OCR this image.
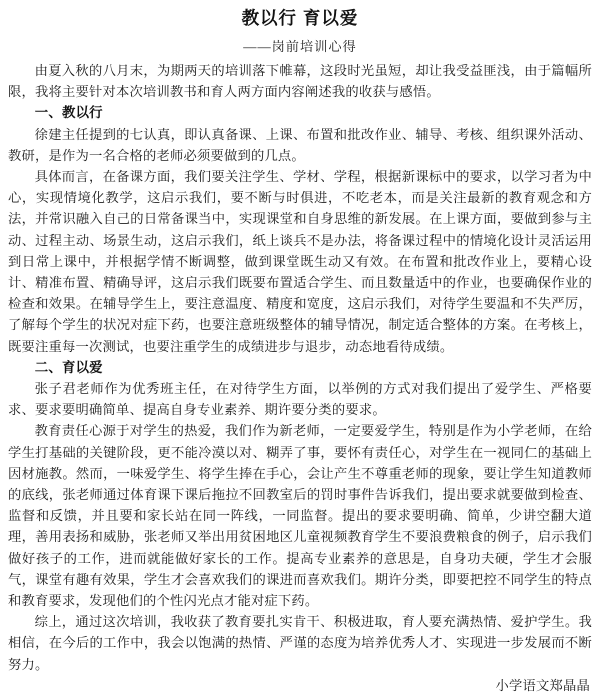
教以行 育以爱

——岗前培训心得

由夏入秋的八月末，为期两天的培训落下帷幕，这段时光虽短，却让我受益匪浅，由于篇幅所限，我将主要针对本次培训教书和育人两方面内容阐述我的收获与感悟。

一、教以行

徐建主任提到的七认真，即认真备课、上课、布置和批改作业、辅导、考核、组织课外活动、教研，是作为一名合格的老师必须要做到的几点。

具体而言，在备课方面，我们要关注学生、学材、学程，根据新课标中的要求，以学习者为中心，实现情境化教学，这启示我们，要不断与时俱进，不吃老本，而是关注最新的教育观念和方法，并常识融入自己的日常备课当中，实现课堂和自身思维的新发展。在上课方面，要做到参与主动、过程主动、场景生动，这启示我们，纸上谈兵不是办法，将备课过程中的情境化设计灵活运用到日常上课中，并根据学情不断调整，做到课堂既生动又有效。在布置和批改作业上，要精心设计、精准布置、精确导评，这启示我们既要布置适合学生、而且数量适中的作业，也要确保作业的检查和效果。在辅导学生上，要注意温度、精度和宽度，这启示我们，对待学生要温和不失严厉，了解每个学生的状况对症下药，也要注意班级整体的辅导情况，制定适合整体的方案。在考核上，既要注重每一次测试，也要注重学生的成绩进步与退步，动态地看待成绩。

二、育以爱

张子君老师作为优秀班主任，在对待学生方面，以举例的方式对我们提出了爱学生、严格要求、要求要明确简单、提高自身专业素养、期许要分类的要求。

教育责任心源于对学生的热爱，我们作为新老师，一定要爱学生，特别是作为小学老师，在给学生打基础的关键阶段，更不能冷漠以对、糊弄了事，要怀有责任心，对学生在一视同仁的基础上因材施教。然而，一味爱学生、将学生捧在手心，会让产生不尊重老师的现象，要让学生知道教师的底线，张老师通过体育课下课后拖拉不回教室后的罚时事件告诉我们，提出要求就要做到检查、监督和反馈，并且要和家长站在同一阵线，一同监督。提出的要求要明确、简单，少讲空翻大道理，善用表扬和威胁，张老师又举出用贫困地区儿童视频教育学生不要浪费粮食的例子，启示我们做好孩子的工作，进而就能做好家长的工作。提高专业素养的意思是，自身功夫硬，学生才会服气，课堂有趣有效果，学生才会喜欢我们的课进而喜欢我们。期许分类，即要把控不同学生的特点和教育要求，发现他们的个性闪光点才能对症下药。

综上，通过这次培训，我收获了教育要扎实肯干、积极进取，育人要充满热情、爱护学生。我相信，在今后的工作中，我会以饱满的热情、严谨的态度为培养优秀人才、实现进一步发展而不断努力。

小学语文郑晶晶
